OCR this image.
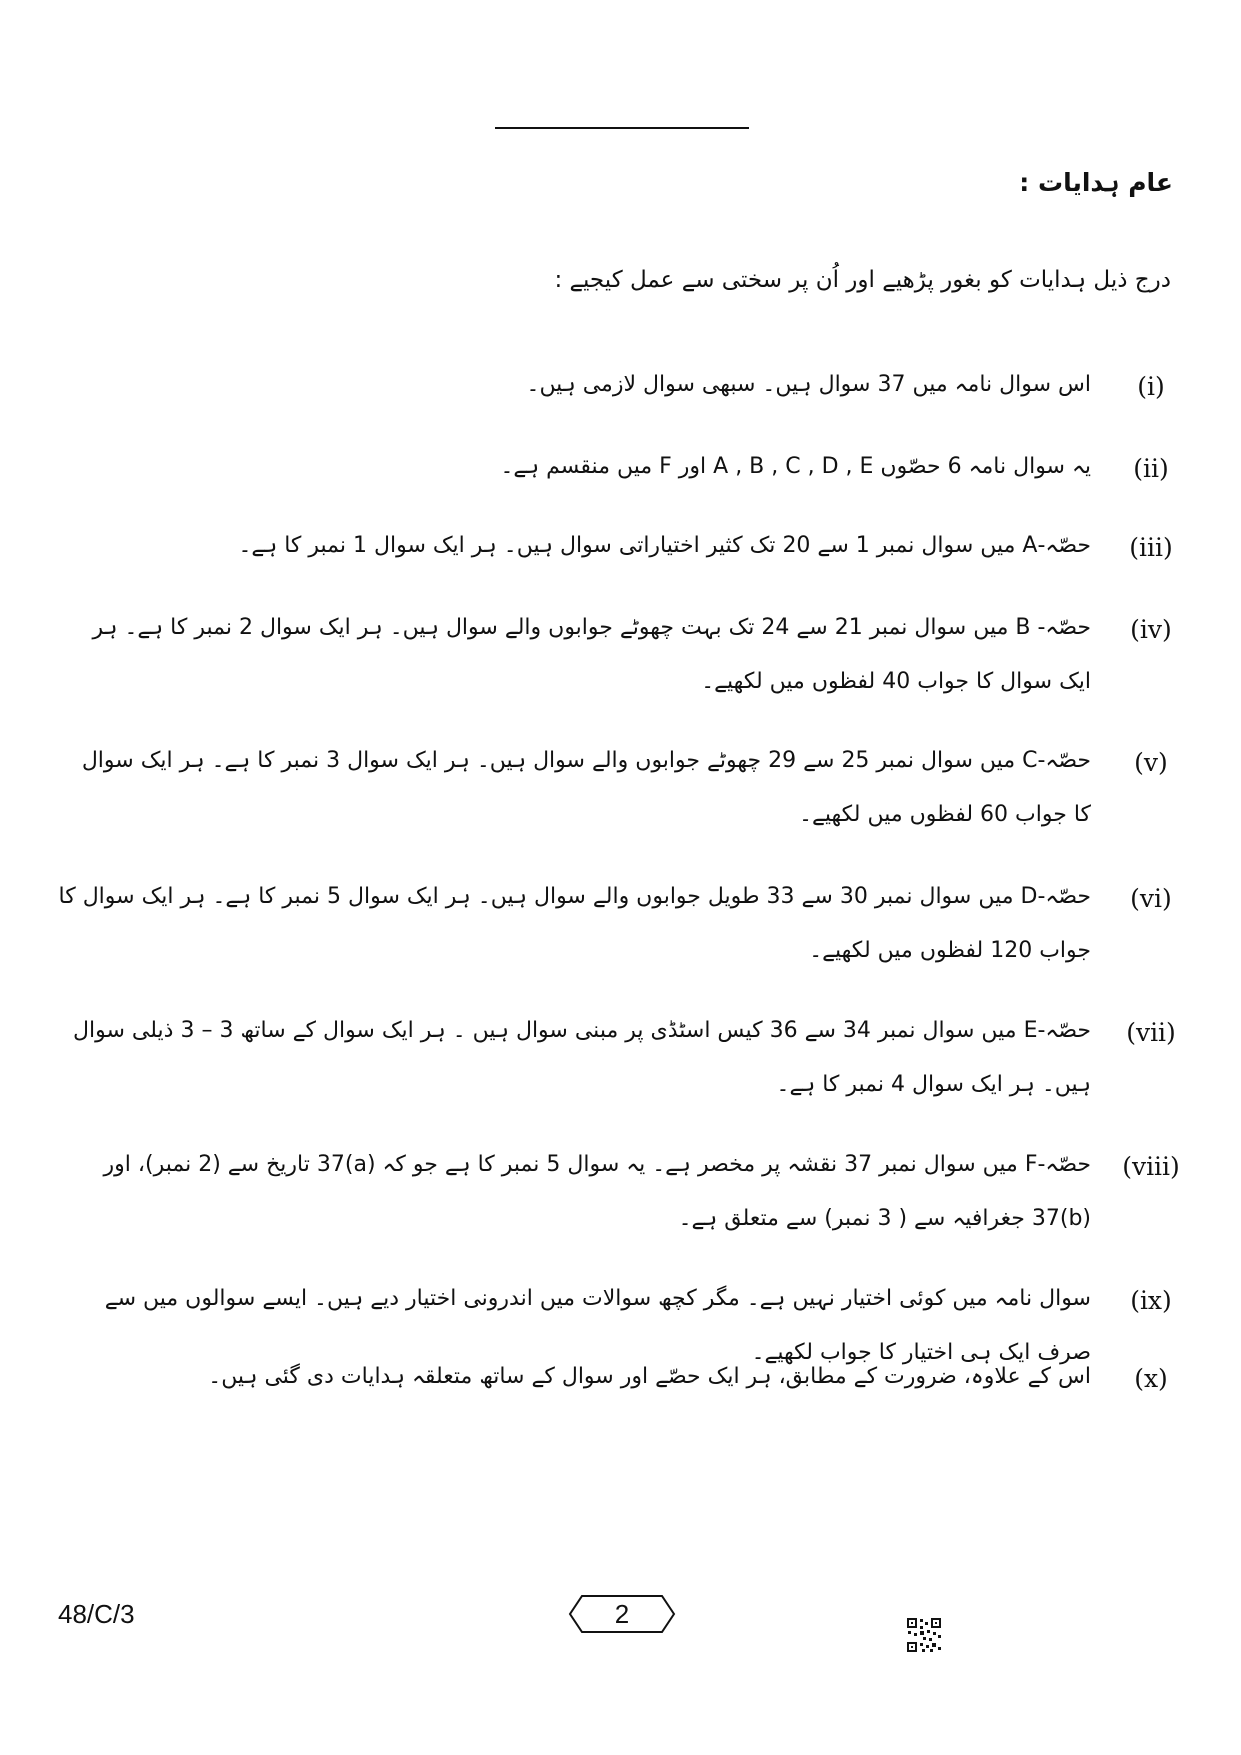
عام ہدایات :
درج ذیل ہدایات کو بغور پڑھیے اور اُن پر سختی سے عمل کیجیے :
(i)
اس سوال نامہ میں 37 سوال ہیں۔ سبھی سوال لازمی ہیں۔
(ii)
یہ سوال نامہ 6 حصّوں A , B , C , D , E اور F میں منقسم ہے۔
(iii)
حصّہ-A میں سوال نمبر 1 سے 20 تک کثیر اختیاراتی سوال ہیں۔ ہر ایک سوال 1 نمبر کا ہے۔
(iv)
حصّہ- B میں سوال نمبر 21 سے 24 تک بہت چھوٹے جوابوں والے سوال ہیں۔ ہر ایک سوال 2 نمبر کا ہے۔ ہر ایک سوال کا جواب 40 لفظوں میں لکھیے۔
(v)
حصّہ-C میں سوال نمبر 25 سے 29 چھوٹے جوابوں والے سوال ہیں۔ ہر ایک سوال 3 نمبر کا ہے۔ ہر ایک سوال کا جواب 60 لفظوں میں لکھیے۔
(vi)
حصّہ-D میں سوال نمبر 30 سے 33 طویل جوابوں والے سوال ہیں۔ ہر ایک سوال 5 نمبر کا ہے۔ ہر ایک سوال کا جواب 120 لفظوں میں لکھیے۔
(vii)
حصّہ-E میں سوال نمبر 34 سے 36 کیس اسٹڈی پر مبنی سوال ہیں ۔ ہر ایک سوال کے ساتھ 3 – 3 ذیلی سوال ہیں۔ ہر ایک سوال 4 نمبر کا ہے۔
(viii)
حصّہ-F میں سوال نمبر 37 نقشہ پر مخصر ہے۔ یہ سوال 5 نمبر کا ہے جو کہ (a)37 تاریخ سے (2 نمبر)، اور (b)37 جغرافیہ سے ( 3 نمبر) سے متعلق ہے۔
(ix)
سوال نامہ میں کوئی اختیار نہیں ہے۔ مگر کچھ سوالات میں اندرونی اختیار دیے ہیں۔ ایسے سوالوں میں سے صرف ایک ہی اختیار کا جواب لکھیے۔
(x)
اس کے علاوہ، ضرورت کے مطابق، ہر ایک حصّے اور سوال کے ساتھ متعلقہ ہدایات دی گئی ہیں۔
48/C/3	2
